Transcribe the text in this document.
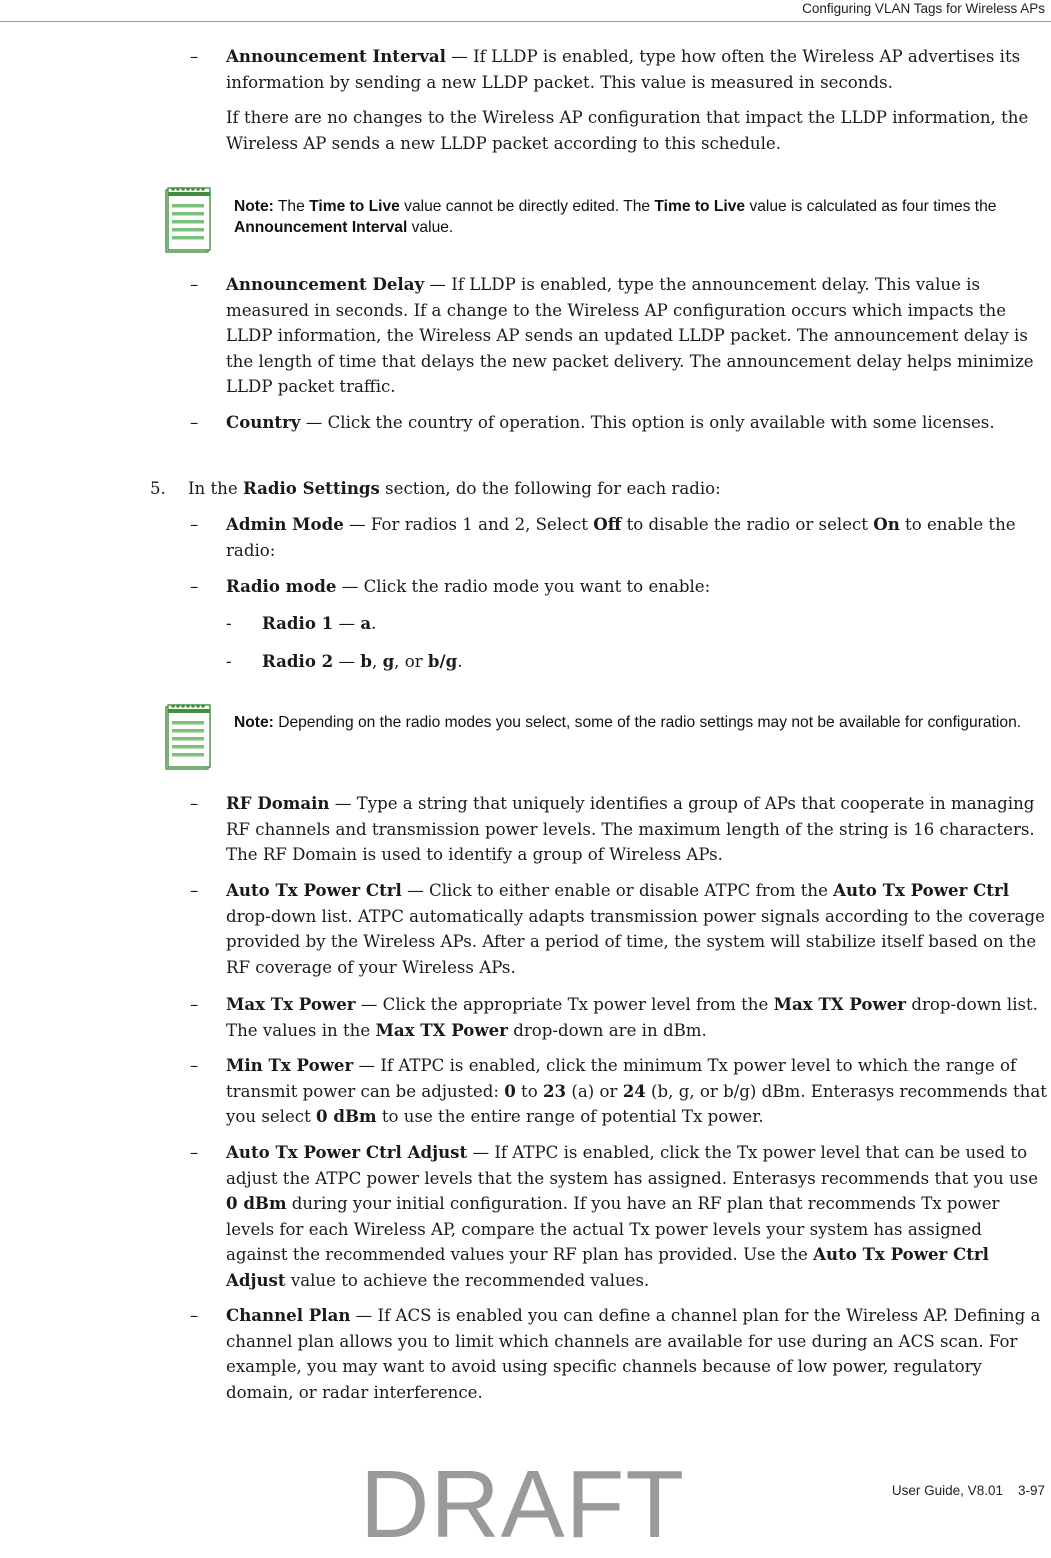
Configuring VLAN Tags for Wireless APs
–	Announcement Interval — If LLDP is enabled, type how often the Wireless AP advertises its information by sending a new LLDP packet. This value is measured in seconds.
If there are no changes to the Wireless AP configuration that impact the LLDP information, the Wireless AP sends a new LLDP packet according to this schedule.
Note: The Time to Live value cannot be directly edited. The Time to Live value is calculated as four times the Announcement Interval value.
–	Announcement Delay — If LLDP is enabled, type the announcement delay. This value is measured in seconds. If a change to the Wireless AP configuration occurs which impacts the LLDP information, the Wireless AP sends an updated LLDP packet. The announcement delay is the length of time that delays the new packet delivery. The announcement delay helps minimize LLDP packet traffic.
–	Country — Click the country of operation. This option is only available with some licenses.
5. In the Radio Settings section, do the following for each radio:
–	Admin Mode — For radios 1 and 2, Select Off to disable the radio or select On to enable the radio:
–	Radio mode — Click the radio mode you want to enable:
- Radio 1 — a.
- Radio 2 — b, g, or b/g.
Note: Depending on the radio modes you select, some of the radio settings may not be available for configuration.
–	RF Domain — Type a string that uniquely identifies a group of APs that cooperate in managing RF channels and transmission power levels. The maximum length of the string is 16 characters. The RF Domain is used to identify a group of Wireless APs.
–	Auto Tx Power Ctrl — Click to either enable or disable ATPC from the Auto Tx Power Ctrl drop-down list. ATPC automatically adapts transmission power signals according to the coverage provided by the Wireless APs. After a period of time, the system will stabilize itself based on the RF coverage of your Wireless APs.
–	Max Tx Power — Click the appropriate Tx power level from the Max TX Power drop-down list. The values in the Max TX Power drop-down are in dBm.
–	Min Tx Power — If ATPC is enabled, click the minimum Tx power level to which the range of transmit power can be adjusted: 0 to 23 (a) or 24 (b, g, or b/g) dBm. Enterasys recommends that you select 0 dBm to use the entire range of potential Tx power.
–	Auto Tx Power Ctrl Adjust — If ATPC is enabled, click the Tx power level that can be used to adjust the ATPC power levels that the system has assigned. Enterasys recommends that you use 0 dBm during your initial configuration. If you have an RF plan that recommends Tx power levels for each Wireless AP, compare the actual Tx power levels your system has assigned against the recommended values your RF plan has provided. Use the Auto Tx Power Ctrl Adjust value to achieve the recommended values.
–	Channel Plan — If ACS is enabled you can define a channel plan for the Wireless AP. Defining a channel plan allows you to limit which channels are available for use during an ACS scan. For example, you may want to avoid using specific channels because of low power, regulatory domain, or radar interference.
User Guide, V8.01    3-97
DRAFT
